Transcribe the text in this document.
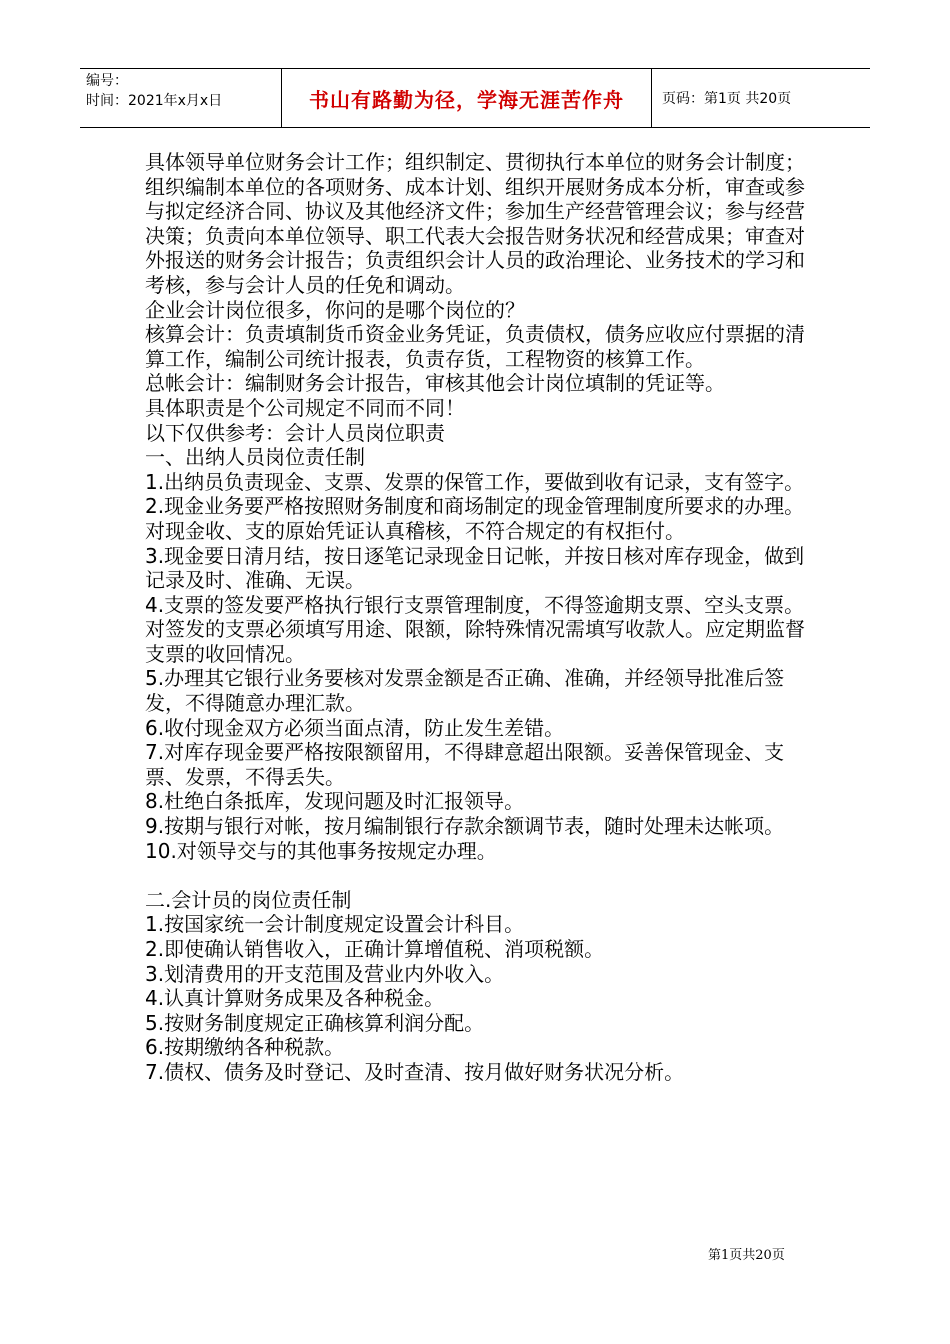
编号：
时间：2021年x月x日	书山有路勤为径，学海无涯苦作舟	页码：第1页 共20页

具体领导单位财务会计工作；组织制定、贯彻执行本单位的财务会计制度；组织编制本单位的各项财务、成本计划、组织开展财务成本分析，审查或参与拟定经济合同、协议及其他经济文件；参加生产经营管理会议；参与经营决策；负责向本单位领导、职工代表大会报告财务状况和经营成果；审查对外报送的财务会计报告；负责组织会计人员的政治理论、业务技术的学习和考核，参与会计人员的任免和调动。

企业会计岗位很多，你问的是哪个岗位的？

核算会计：负责填制货币资金业务凭证，负责债权，债务应收应付票据的清算工作，编制公司统计报表，负责存货，工程物资的核算工作。

总帐会计：编制财务会计报告，审核其他会计岗位填制的凭证等。

具体职责是个公司规定不同而不同！

以下仅供参考：会计人员岗位职责

一、出纳人员岗位责任制

1.出纳员负责现金、支票、发票的保管工作，要做到收有记录，支有签字。

2.现金业务要严格按照财务制度和商场制定的现金管理制度所要求的办理。对现金收、支的原始凭证认真稽核，不符合规定的有权拒付。

3.现金要日清月结，按日逐笔记录现金日记帐，并按日核对库存现金，做到记录及时、准确、无误。

4.支票的签发要严格执行银行支票管理制度，不得签逾期支票、空头支票。对签发的支票必须填写用途、限额，除特殊情况需填写收款人。应定期监督支票的收回情况。

5.办理其它银行业务要核对发票金额是否正确、准确，并经领导批准后签发，不得随意办理汇款。

6.收付现金双方必须当面点清，防止发生差错。

7.对库存现金要严格按限额留用，不得肆意超出限额。妥善保管现金、支票、发票，不得丢失。

8.杜绝白条抵库，发现问题及时汇报领导。

9.按期与银行对帐，按月编制银行存款余额调节表，随时处理未达帐项。

10.对领导交与的其他事务按规定办理。

二.会计员的岗位责任制

1.按国家统一会计制度规定设置会计科目。

2.即使确认销售收入，正确计算增值税、消项税额。

3.划清费用的开支范围及营业内外收入。

4.认真计算财务成果及各种税金。

5.按财务制度规定正确核算利润分配。

6.按期缴纳各种税款。

7.债权、债务及时登记、及时查清、按月做好财务状况分析。

第1页共20页
